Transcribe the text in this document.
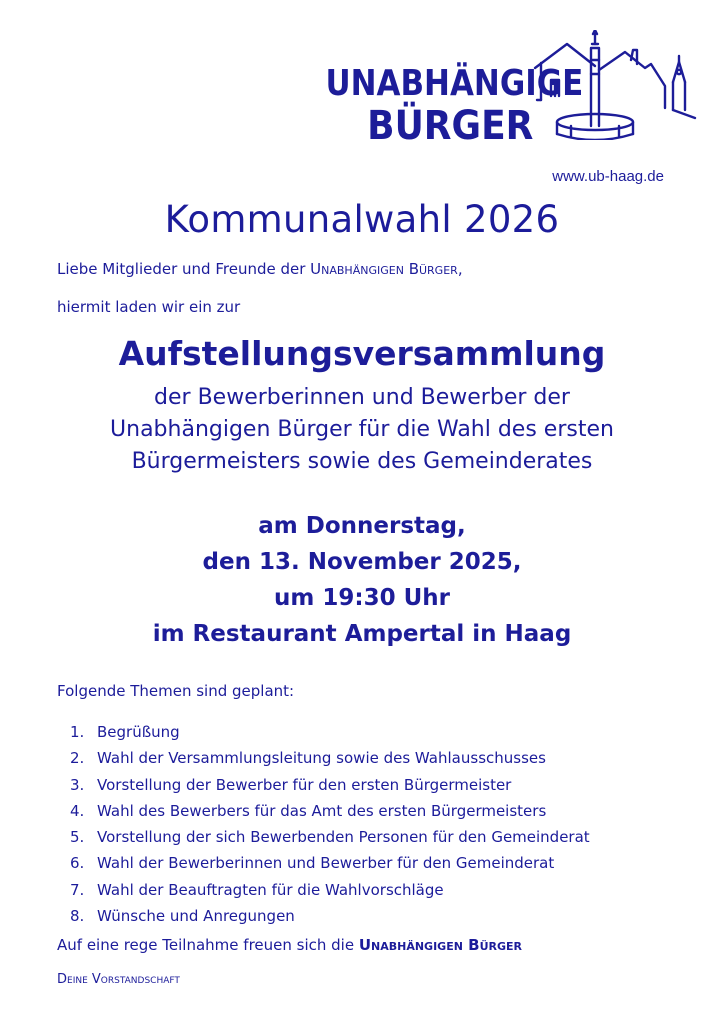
UNABHÄNGIGE
BÜRGER
www.ub-haag.de
Kommunalwahl 2026
Liebe Mitglieder und Freunde der Unabhängigen Bürger,
hiermit laden wir ein zur
Aufstellungsversammlung
der Bewerberinnen und Bewerber der
Unabhängigen Bürger für die Wahl des ersten
Bürgermeisters sowie des Gemeinderates
am Donnerstag,
den 13. November 2025,
um 19:30 Uhr
im Restaurant Ampertal in Haag
Folgende Themen sind geplant:
1. Begrüßung
2. Wahl der Versammlungsleitung sowie des Wahlausschusses
3. Vorstellung der Bewerber für den ersten Bürgermeister
4. Wahl des Bewerbers für das Amt des ersten Bürgermeisters
5. Vorstellung der sich Bewerbenden Personen für den Gemeinderat
6. Wahl der Bewerberinnen und Bewerber für den Gemeinderat
7. Wahl der Beauftragten für die Wahlvorschläge
8. Wünsche und Anregungen
Auf eine rege Teilnahme freuen sich die Unabhängigen Bürger
Deine Vorstandschaft
